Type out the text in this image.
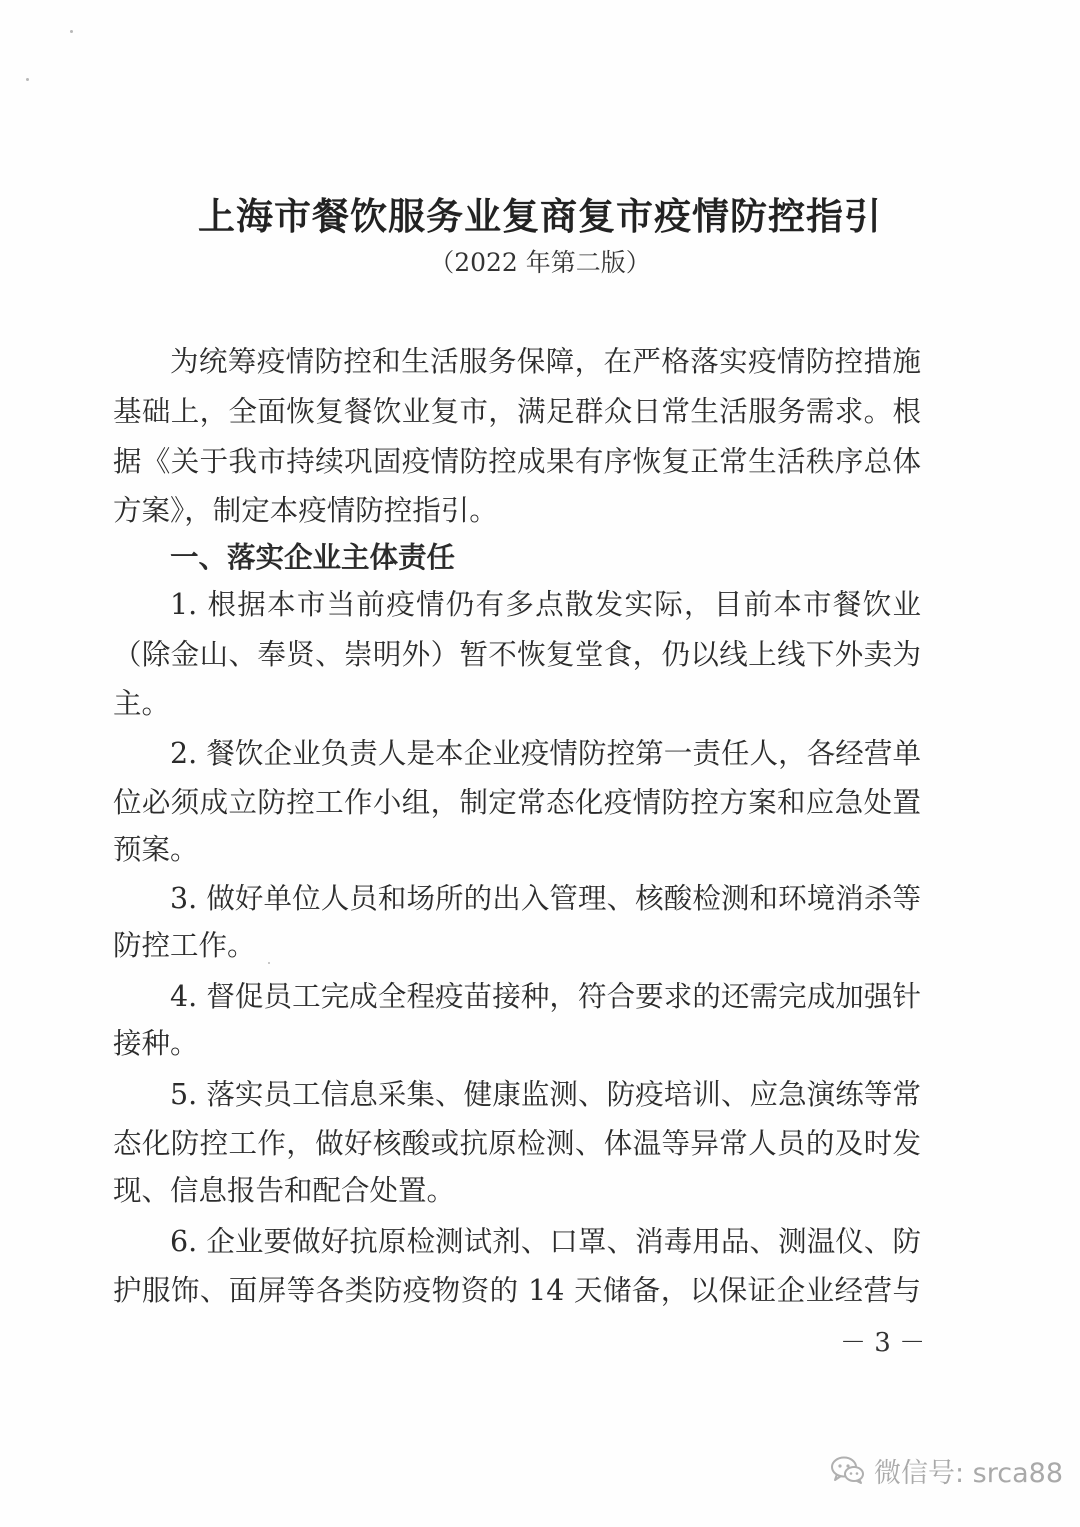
上海市餐饮服务业复商复市疫情防控指引
（2022 年第二版）
为统筹疫情防控和生活服务保障，在严格落实疫情防控措施
基础上，全面恢复餐饮业复市，满足群众日常生活服务需求。根
据《关于我市持续巩固疫情防控成果有序恢复正常生活秩序总体
方案》，制定本疫情防控指引。
一、落实企业主体责任
1. 根据本市当前疫情仍有多点散发实际，目前本市餐饮业
（除金山、奉贤、崇明外）暂不恢复堂食，仍以线上线下外卖为
主。
2. 餐饮企业负责人是本企业疫情防控第一责任人，各经营单
位必须成立防控工作小组，制定常态化疫情防控方案和应急处置
预案。
3. 做好单位人员和场所的出入管理、核酸检测和环境消杀等
防控工作。
4. 督促员工完成全程疫苗接种，符合要求的还需完成加强针
接种。
5. 落实员工信息采集、健康监测、防疫培训、应急演练等常
态化防控工作，做好核酸或抗原检测、体温等异常人员的及时发
现、信息报告和配合处置。
6. 企业要做好抗原检测试剂、口罩、消毒用品、测温仪、防
护服饰、面屏等各类防疫物资的 14 天储备，以保证企业经营与
－ 3 －
微信号: srca88
